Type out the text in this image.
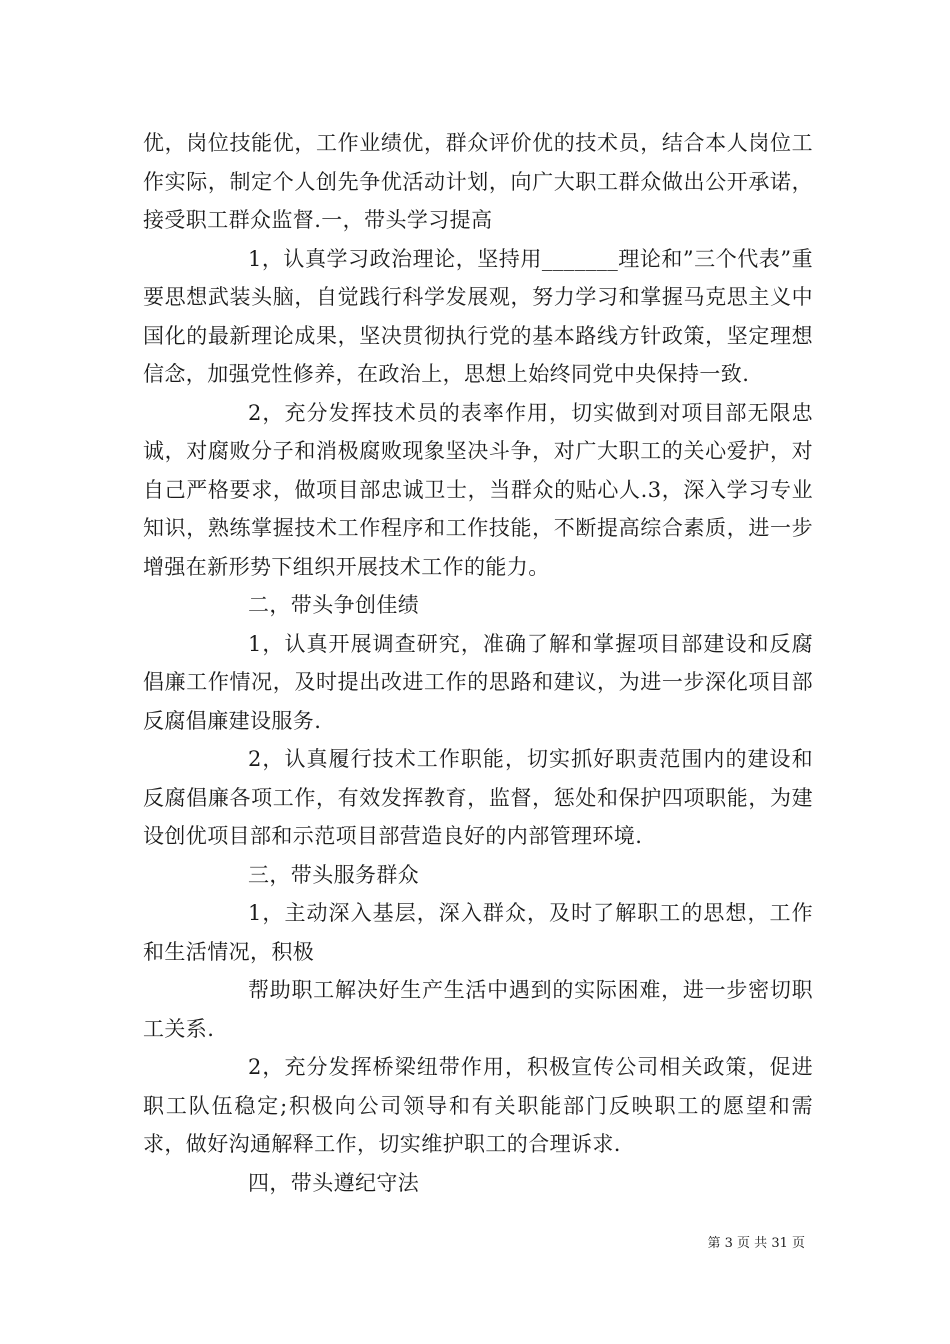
优，岗位技能优，工作业绩优，群众评价优的技术员，结合本人岗位工作实际，制定个人创先争优活动计划，向广大职工群众做出公开承诺，接受职工群众监督.一，带头学习提高

1，认真学习政治理论，坚持用_______理论和”三个代表”重要思想武装头脑，自觉践行科学发展观，努力学习和掌握马克思主义中国化的最新理论成果，坚决贯彻执行党的基本路线方针政策，坚定理想信念，加强党性修养，在政治上，思想上始终同党中央保持一致.

2，充分发挥技术员的表率作用，切实做到对项目部无限忠诚，对腐败分子和消极腐败现象坚决斗争，对广大职工的关心爱护，对自己严格要求，做项目部忠诚卫士，当群众的贴心人.3，深入学习专业知识，熟练掌握技术工作程序和工作技能，不断提高综合素质，进一步增强在新形势下组织开展技术工作的能力。

二，带头争创佳绩

1，认真开展调查研究，准确了解和掌握项目部建设和反腐倡廉工作情况，及时提出改进工作的思路和建议，为进一步深化项目部反腐倡廉建设服务.

2，认真履行技术工作职能，切实抓好职责范围内的建设和反腐倡廉各项工作，有效发挥教育，监督，惩处和保护四项职能，为建设创优项目部和示范项目部营造良好的内部管理环境.

三，带头服务群众

1，主动深入基层，深入群众，及时了解职工的思想，工作和生活情况，积极

帮助职工解决好生产生活中遇到的实际困难，进一步密切职工关系.

2，充分发挥桥梁纽带作用，积极宣传公司相关政策，促进职工队伍稳定;积极向公司领导和有关职能部门反映职工的愿望和需求，做好沟通解释工作，切实维护职工的合理诉求.

四，带头遵纪守法

第 3 页 共 31 页
